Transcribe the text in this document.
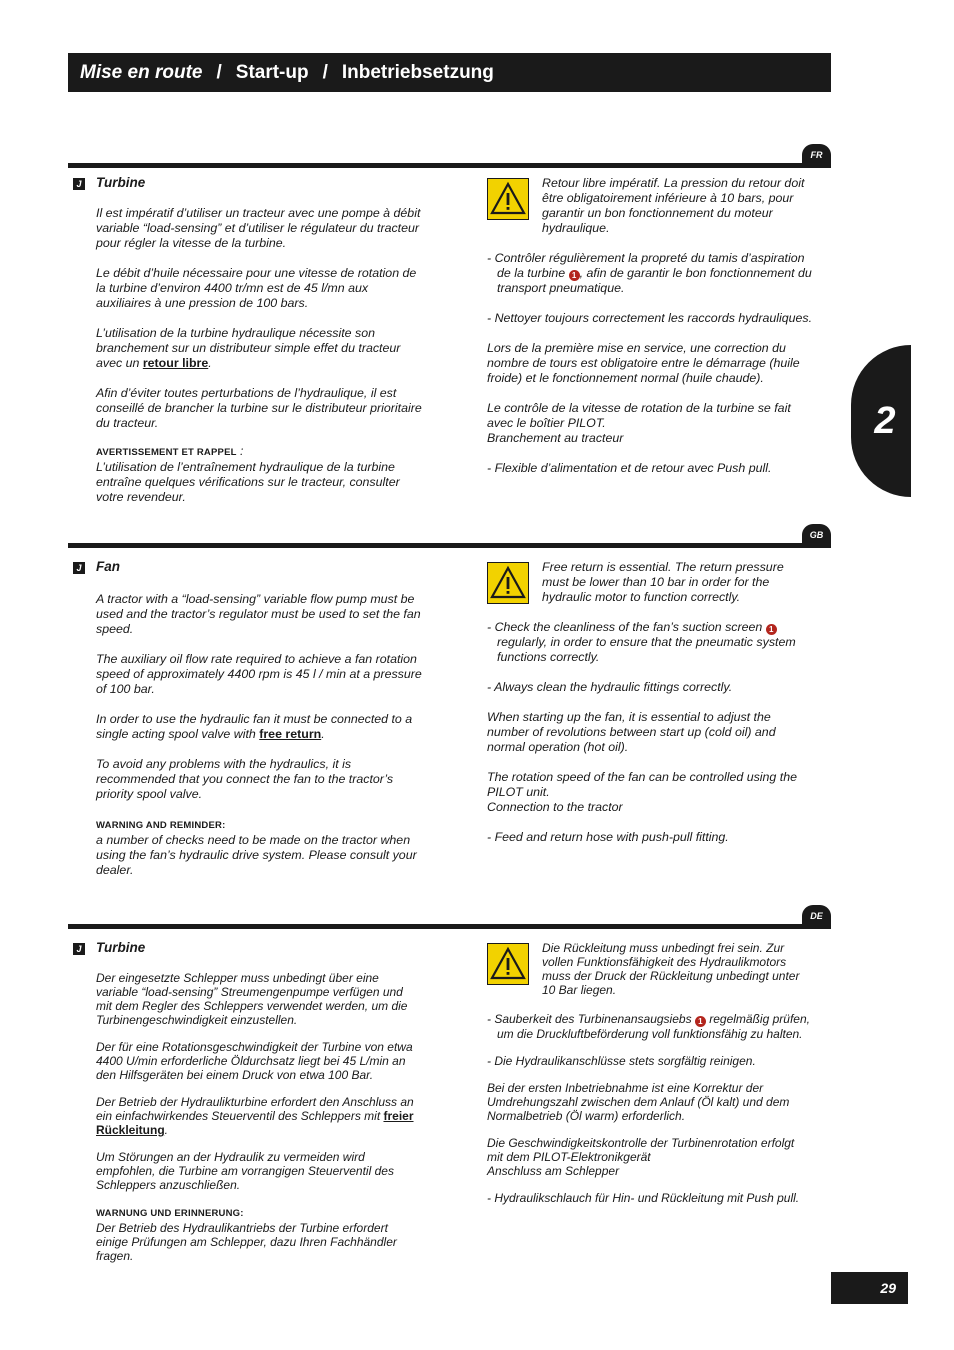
Mise en route / Start-up / Inbetriebsetzung
2
FR
J Turbine

Il est impératif d’utiliser un tracteur avec une pompe à débit variable “load-sensing” et d’utiliser le régulateur du tracteur pour régler la vitesse de la turbine.

Le débit d’huile nécessaire pour une vitesse de rotation de la turbine d’environ 4400 tr/mn est de 45 l/mn aux auxiliaires à une pression de 100 bars.

L’utilisation de la turbine hydraulique nécessite son branchement sur un distributeur simple effet du tracteur avec un retour libre.

Afin d’éviter toutes perturbations de l’hydraulique, il est conseillé de brancher la turbine sur le distributeur prioritaire du tracteur.

AVERTISSEMENT ET RAPPEL :
L’utilisation de l’entraînement hydraulique de la turbine entraîne quelques vérifications sur le tracteur, consulter votre revendeur.
Retour libre impératif. La pression du retour doit être obligatoirement inférieure à 10 bars, pour garantir un bon fonctionnement du moteur hydraulique.

- Contrôler régulièrement la propreté du tamis d’aspiration de la turbine 1 , afin de garantir le bon fonctionnement du transport pneumatique.

- Nettoyer toujours correctement les raccords hydrauliques.

Lors de la première mise en service, une correction du nombre de tours est obligatoire entre le démarrage (huile froide) et le fonctionnement normal (huile chaude).

Le contrôle de la vitesse de rotation de la turbine se fait avec le boîtier PILOT.
Branchement au tracteur

- Flexible d’alimentation et de retour avec Push pull.

GB
J Fan

A tractor with a “load-sensing” variable flow pump must be used and the tractor’s regulator must be used to set the fan speed.

The auxiliary oil flow rate required to achieve a fan rotation speed of approximately 4400 rpm is 45 l / min at a pressure of 100 bar.

In order to use the hydraulic fan it must be connected to a single acting spool valve with free return.

To avoid any problems with the hydraulics, it is recommended that you connect the fan to the tractor’s priority spool valve.

WARNING AND REMINDER:
a number of checks need to be made on the tractor when using the fan’s hydraulic drive system. Please consult your dealer.
Free return is essential. The return pressure must be lower than 10 bar in order for the hydraulic motor to function correctly.

- Check the cleanliness of the fan’s suction screen 1 regularly, in order to ensure that the pneumatic system functions correctly.

- Always clean the hydraulic fittings correctly.

When starting up the fan, it is essential to adjust the number of revolutions between start up (cold oil) and normal operation (hot oil).

The rotation speed of the fan can be controlled using the PILOT unit.
Connection to the tractor

- Feed and return hose with push-pull fitting.

DE
J Turbine

Der eingesetzte Schlepper muss unbedingt über eine variable “load-sensing” Streumengenpumpe verfügen und mit dem Regler des Schleppers verwendet werden, um die Turbinengeschwindigkeit einzustellen.

Der für eine Rotationsgeschwindigkeit der Turbine von etwa 4400 U/min erforderliche Öldurchsatz liegt bei 45 L/min an den Hilfsgeräten bei einem Druck von etwa 100 Bar.

Der Betrieb der Hydraulikturbine erfordert den Anschluss an ein einfachwirkendes Steuerventil des Schleppers mit freier Rückleitung.

Um Störungen an der Hydraulik zu vermeiden wird empfohlen, die Turbine am vorrangigen Steuerventil des Schleppers anzuschließen.

WARNUNG UND ERINNERUNG:
Der Betrieb des Hydraulikantriebs der Turbine erfordert einige Prüfungen am Schlepper, dazu Ihren Fachhändler fragen.
Die Rückleitung muss unbedingt frei sein. Zur vollen Funktionsfähigkeit des Hydraulikmotors muss der Druck der Rückleitung unbedingt unter 10 Bar liegen.

- Sauberkeit des Turbinenansaugsiebs 1 regelmäßig prüfen, um die Druckluftbeförderung voll funktionsfähig zu halten.

- Die Hydraulikanschlüsse stets sorgfältig reinigen.

Bei der ersten Inbetriebnahme ist eine Korrektur der Umdrehungszahl zwischen dem Anlauf (Öl kalt) und dem Normalbetrieb (Öl warm) erforderlich.

Die Geschwindigkeitskontrolle der Turbinenrotation erfolgt mit dem PILOT-Elektronikgerät
Anschluss am Schlepper

- Hydraulikschlauch für Hin- und Rückleitung mit Push pull.

29
